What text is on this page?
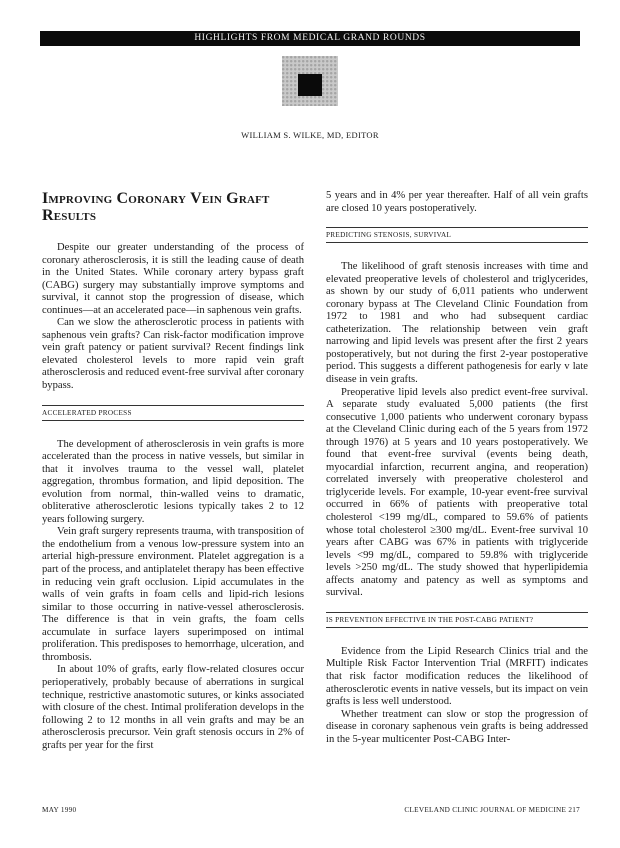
HIGHLIGHTS FROM MEDICAL GRAND ROUNDS
WILLIAM S. WILKE, MD, EDITOR
Improving Coronary Vein Graft Results

Despite our greater understanding of the process of coronary atherosclerosis, it is still the leading cause of death in the United States. While coronary artery bypass graft (CABG) surgery may substantially improve symptoms and survival, it cannot stop the progression of disease, which continues—at an accelerated pace—in saphenous vein grafts.

Can we slow the atherosclerotic process in patients with saphenous vein grafts? Can risk-factor modification improve vein graft patency or patient survival? Recent findings link elevated cholesterol levels to more rapid vein graft atherosclerosis and reduced event-free survival after coronary bypass.

ACCELERATED PROCESS

The development of atherosclerosis in vein grafts is more accelerated than the process in native vessels, but similar in that it involves trauma to the vessel wall, platelet aggregation, thrombus formation, and lipid deposition. The evolution from normal, thin-walled veins to dramatic, obliterative atherosclerotic lesions typically takes 2 to 12 years following surgery.

Vein graft surgery represents trauma, with transposition of the endothelium from a venous low-pressure system into an arterial high-pressure environment. Platelet aggregation is a part of the process, and antiplatelet therapy has been effective in reducing vein graft occlusion. Lipid accumulates in the walls of vein grafts in foam cells and lipid-rich lesions similar to those occurring in native-vessel atherosclerosis. The difference is that in vein grafts, the foam cells accumulate in surface layers superimposed on intimal proliferation. This predisposes to hemorrhage, ulceration, and thrombosis.

In about 10% of grafts, early flow-related closures occur perioperatively, probably because of aberrations in surgical technique, restrictive anastomotic sutures, or kinks associated with closure of the chest. Intimal proliferation develops in the following 2 to 12 months in all vein grafts and may be an atherosclerosis precursor. Vein graft stenosis occurs in 2% of grafts per year for the first

5 years and in 4% per year thereafter. Half of all vein grafts are closed 10 years postoperatively.

PREDICTING STENOSIS, SURVIVAL

The likelihood of graft stenosis increases with time and elevated preoperative levels of cholesterol and triglycerides, as shown by our study of 6,011 patients who underwent coronary bypass at The Cleveland Clinic Foundation from 1972 to 1981 and who had subsequent cardiac catheterization. The relationship between vein graft narrowing and lipid levels was present after the first 2 years postoperatively, but not during the first 2-year postoperative period. This suggests a different pathogenesis for early v late disease in vein grafts.

Preoperative lipid levels also predict event-free survival. A separate study evaluated 5,000 patients (the first consecutive 1,000 patients who underwent coronary bypass at the Cleveland Clinic during each of the 5 years from 1972 through 1976) at 5 years and 10 years postoperatively. We found that event-free survival (events being death, myocardial infarction, recurrent angina, and reoperation) correlated inversely with preoperative cholesterol and triglyceride levels. For example, 10-year event-free survival occurred in 66% of patients with preoperative total cholesterol <199 mg/dL, compared to 59.6% of patients whose total cholesterol ≥300 mg/dL. Event-free survival 10 years after CABG was 67% in patients with triglyceride levels <99 mg/dL, compared to 59.8% with triglyceride levels >250 mg/dL. The study showed that hyperlipidemia affects anatomy and patency as well as symptoms and survival.

IS PREVENTION EFFECTIVE IN THE POST-CABG PATIENT?

Evidence from the Lipid Research Clinics trial and the Multiple Risk Factor Intervention Trial (MRFIT) indicates that risk factor modification reduces the likelihood of atherosclerotic events in native vessels, but its impact on vein grafts is less well understood.

Whether treatment can slow or stop the progression of disease in coronary saphenous vein grafts is being addressed in the 5-year multicenter Post-CABG Inter-

MAY 1990	CLEVELAND CLINIC JOURNAL OF MEDICINE 217
